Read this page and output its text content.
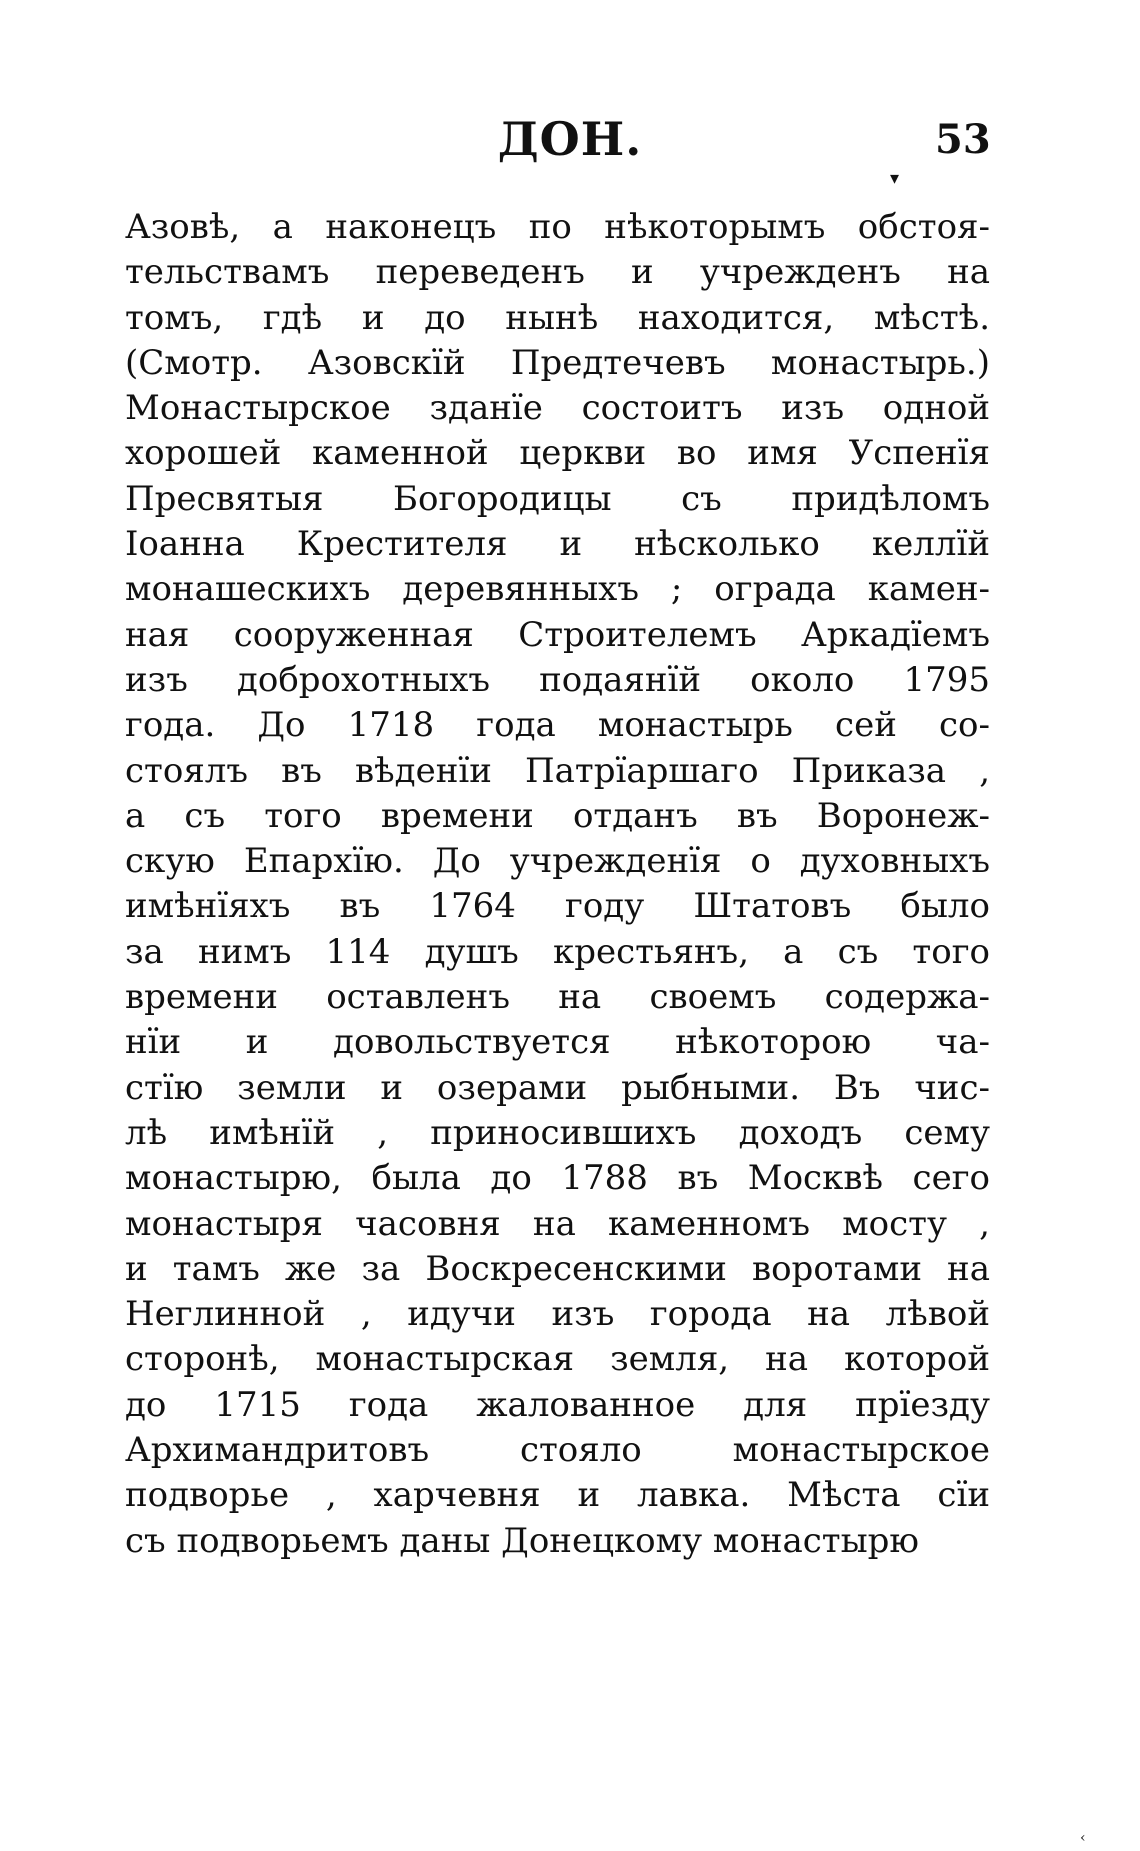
ДОН.	53
▾
Азовѣ, а наконецъ по нѣкоторымъ обстоя-
тельствамъ переведенъ и учрежденъ на
томъ, гдѣ и до нынѣ находится, мѣстѣ.
(Смотр. Азовскїй Предтечевъ монастырь.)
Монастырское зданїе состоитъ изъ одной
хорошей каменной церкви во имя Успенїя
Пресвятыя Богородицы съ придѣломъ
Іоанна Крестителя и нѣсколько келлїй
монашескихъ деревянныхъ ; ограда камен-
ная сооруженная Строителемъ Аркадїемъ
изъ доброхотныхъ подаянїй около 1795
года. До 1718 года монастырь сей со-
стоялъ въ вѣденїи Патрїаршаго Приказа ,
а съ того времени отданъ въ Воронеж-
скую Епархїю. До учрежденїя о духовныхъ
имѣнїяхъ въ 1764 году Штатовъ было
за нимъ 114 душъ крестьянъ, а съ того
времени оставленъ на своемъ содержа-
нїи и довольствуется нѣкоторою ча-
стїю земли и озерами рыбными. Въ чис-
лѣ имѣнїй , приносившихъ доходъ сему
монастырю, была до 1788 въ Москвѣ сего
монастыря часовня на каменномъ мосту ,
и тамъ же за Воскресенскими воротами на
Неглинной , идучи изъ города на лѣвой
сторонѣ, монастырская земля, на которой
до 1715 года жалованное для прїезду
Архимандритовъ стояло монастырское
подворье , харчевня и лавка. Мѣста сїи
съ подворьемъ даны Донецкому монастырю
‹
